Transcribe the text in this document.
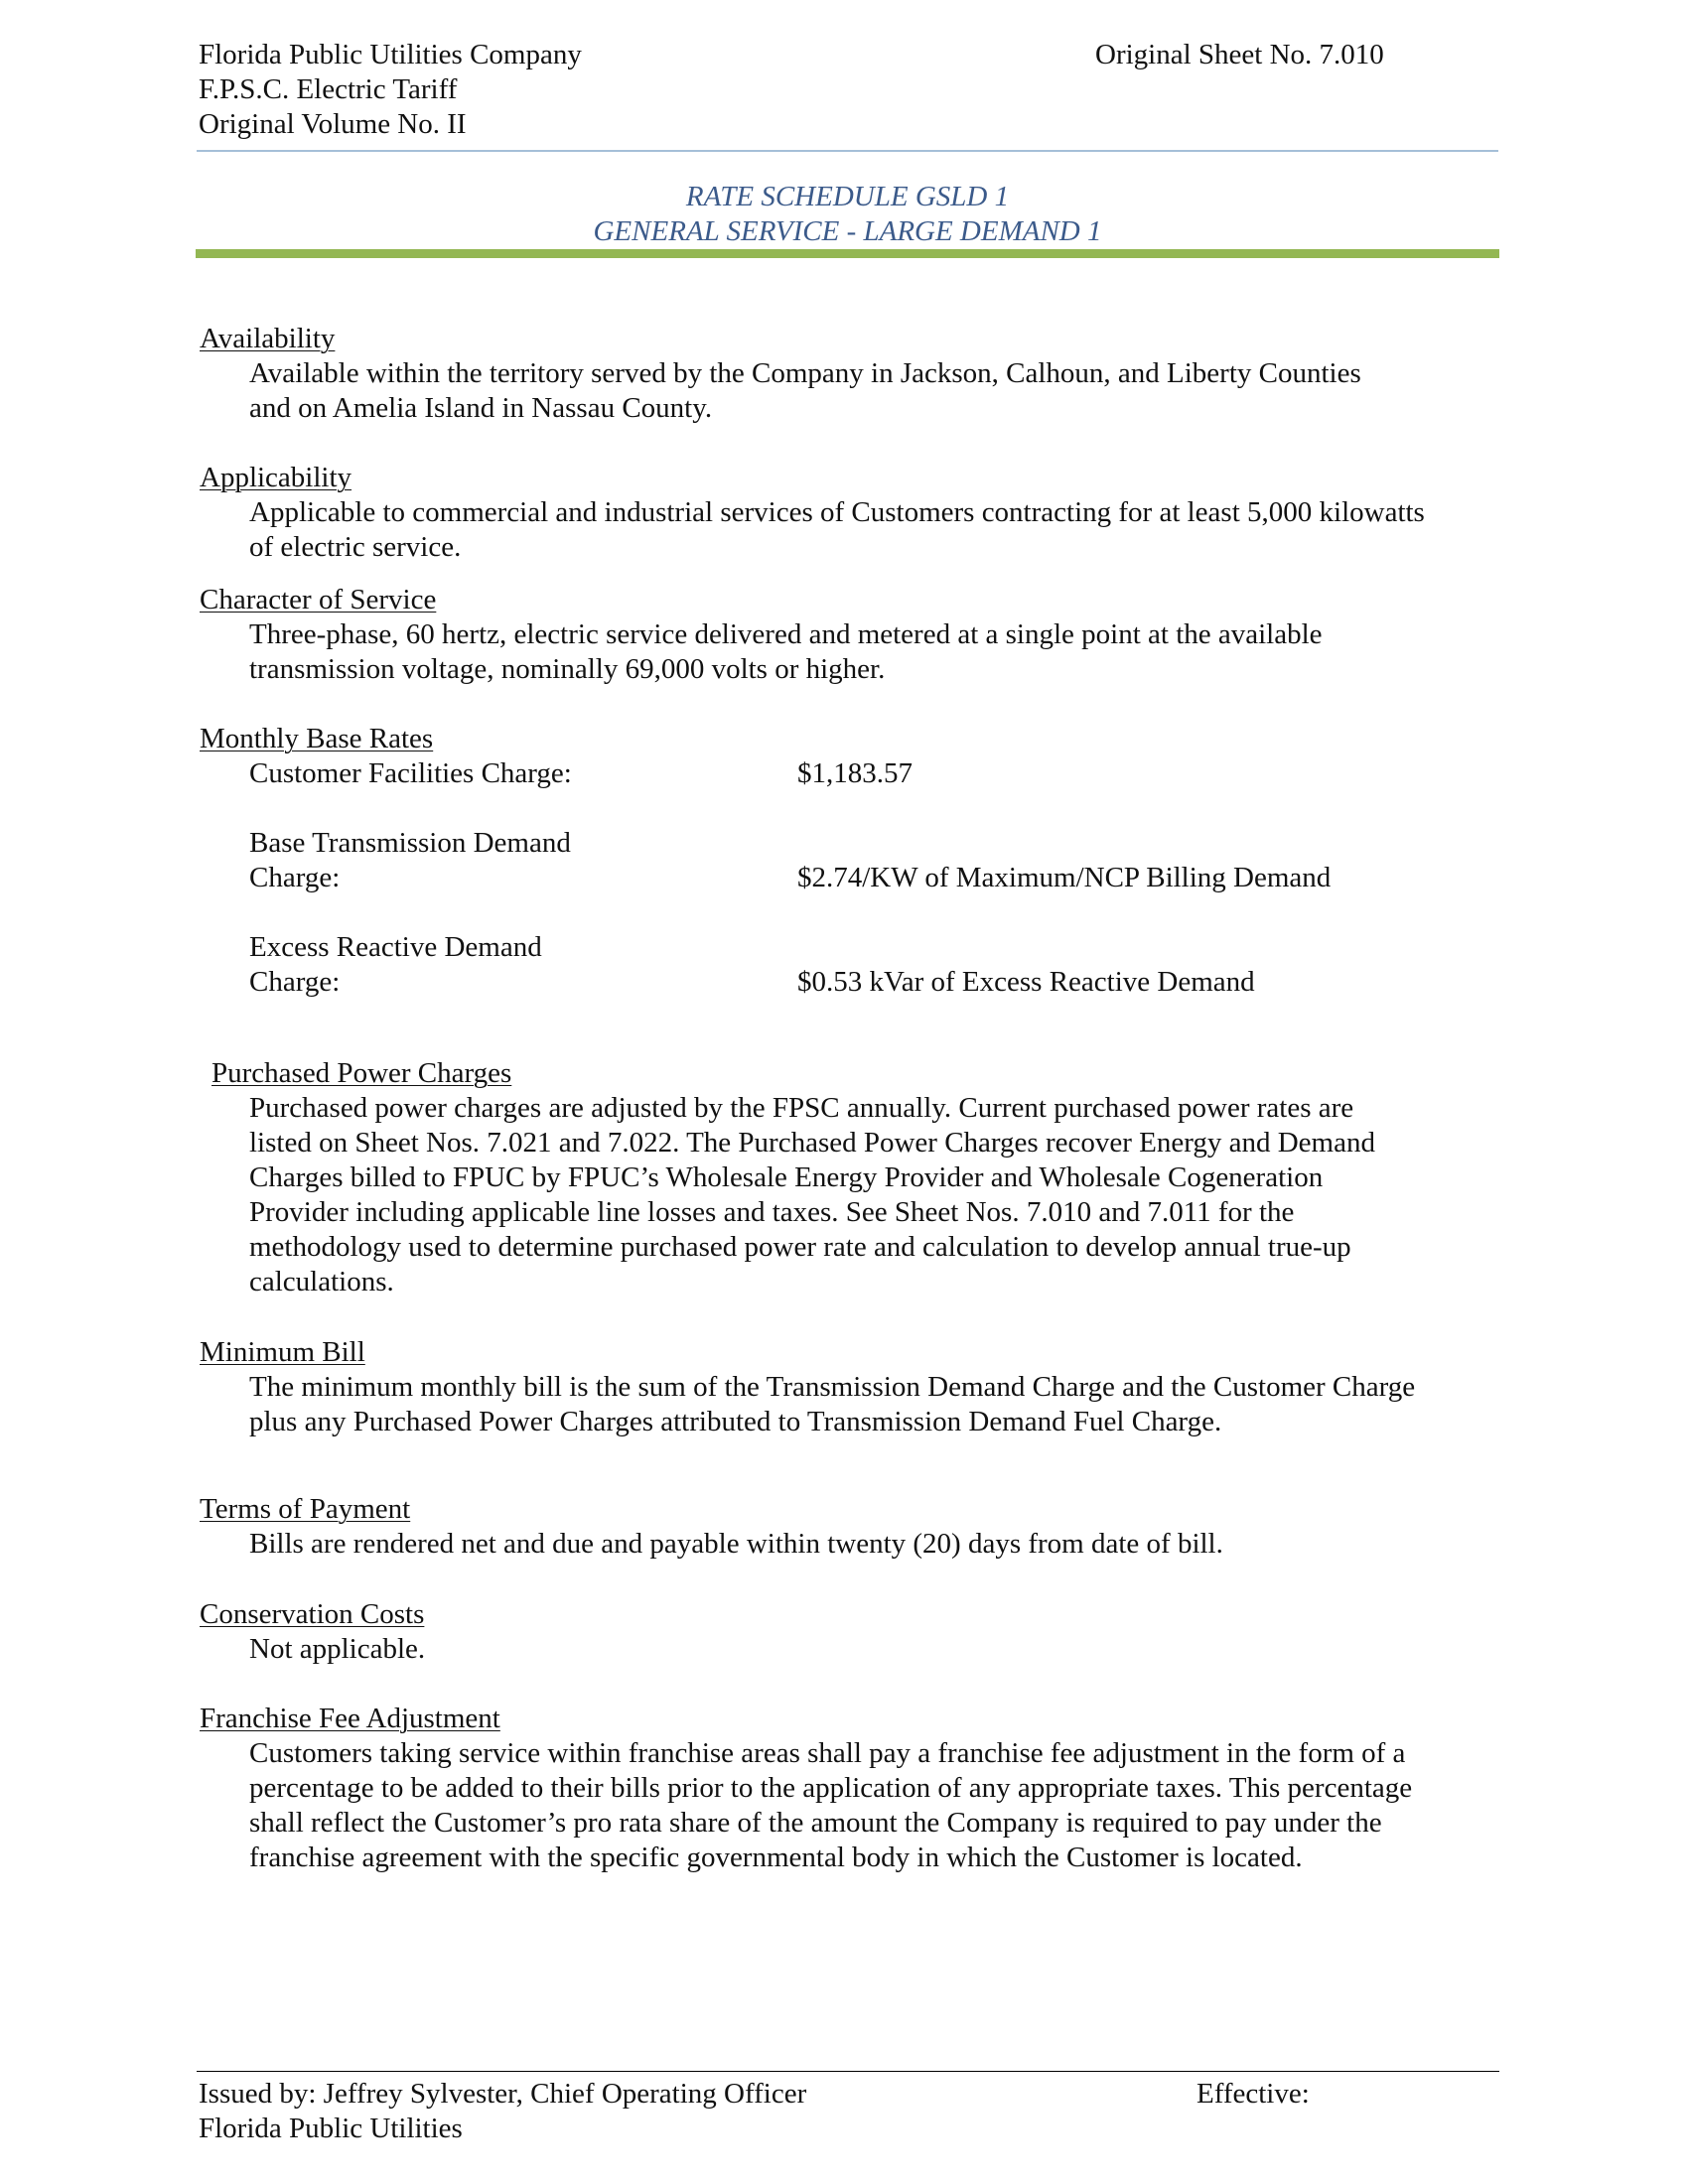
Florida Public Utilities Company
F.P.S.C. Electric Tariff
Original Volume No. II
Original Sheet No. 7.010
RATE SCHEDULE GSLD 1
GENERAL SERVICE - LARGE DEMAND 1
Availability
Available within the territory served by the Company in Jackson, Calhoun, and Liberty Counties
and on Amelia Island in Nassau County.
Applicability
Applicable to commercial and industrial services of Customers contracting for at least 5,000 kilowatts
of electric service.
Character of Service
Three-phase, 60 hertz, electric service delivered and metered at a single point at the available
transmission voltage, nominally 69,000 volts or higher.
Monthly Base Rates
Customer Facilities Charge:	$1,183.57
Base Transmission Demand
Charge:	$2.74/KW of Maximum/NCP Billing Demand
Excess Reactive Demand
Charge:	$0.53 kVar of Excess Reactive Demand
Purchased Power Charges
Purchased power charges are adjusted by the FPSC annually. Current purchased power rates are
listed on Sheet Nos. 7.021 and 7.022. The Purchased Power Charges recover Energy and Demand
Charges billed to FPUC by FPUC’s Wholesale Energy Provider and Wholesale Cogeneration
Provider including applicable line losses and taxes. See Sheet Nos. 7.010 and 7.011 for the
methodology used to determine purchased power rate and calculation to develop annual true-up
calculations.
Minimum Bill
The minimum monthly bill is the sum of the Transmission Demand Charge and the Customer Charge
plus any Purchased Power Charges attributed to Transmission Demand Fuel Charge.
Terms of Payment
Bills are rendered net and due and payable within twenty (20) days from date of bill.
Conservation Costs
Not applicable.
Franchise Fee Adjustment
Customers taking service within franchise areas shall pay a franchise fee adjustment in the form of a
percentage to be added to their bills prior to the application of any appropriate taxes. This percentage
shall reflect the Customer’s pro rata share of the amount the Company is required to pay under the
franchise agreement with the specific governmental body in which the Customer is located.
Issued by: Jeffrey Sylvester, Chief Operating Officer
Florida Public Utilities
Effective:
